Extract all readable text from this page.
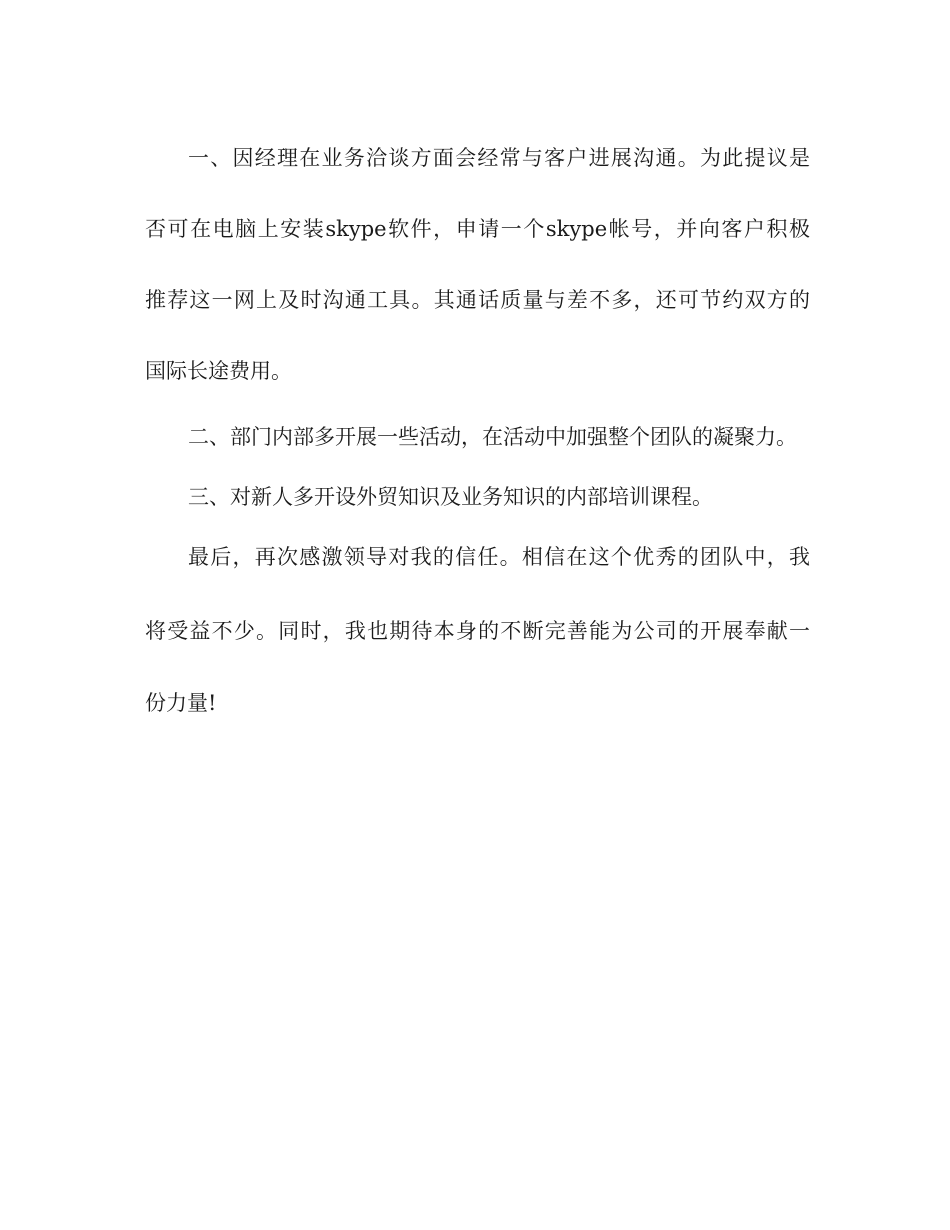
一、因经理在业务洽谈方面会经常与客户进展沟通。为此提议是
否可在电脑上安装skype软件，申请一个skype帐号，并向客户积极
推荐这一网上及时沟通工具。其通话质量与差不多，还可节约双方的
国际长途费用。
二、部门内部多开展一些活动，在活动中加强整个团队的凝聚力。
三、对新人多开设外贸知识及业务知识的内部培训课程。
最后，再次感激领导对我的信任。相信在这个优秀的团队中，我
将受益不少。同时，我也期待本身的不断完善能为公司的开展奉献一
份力量!
